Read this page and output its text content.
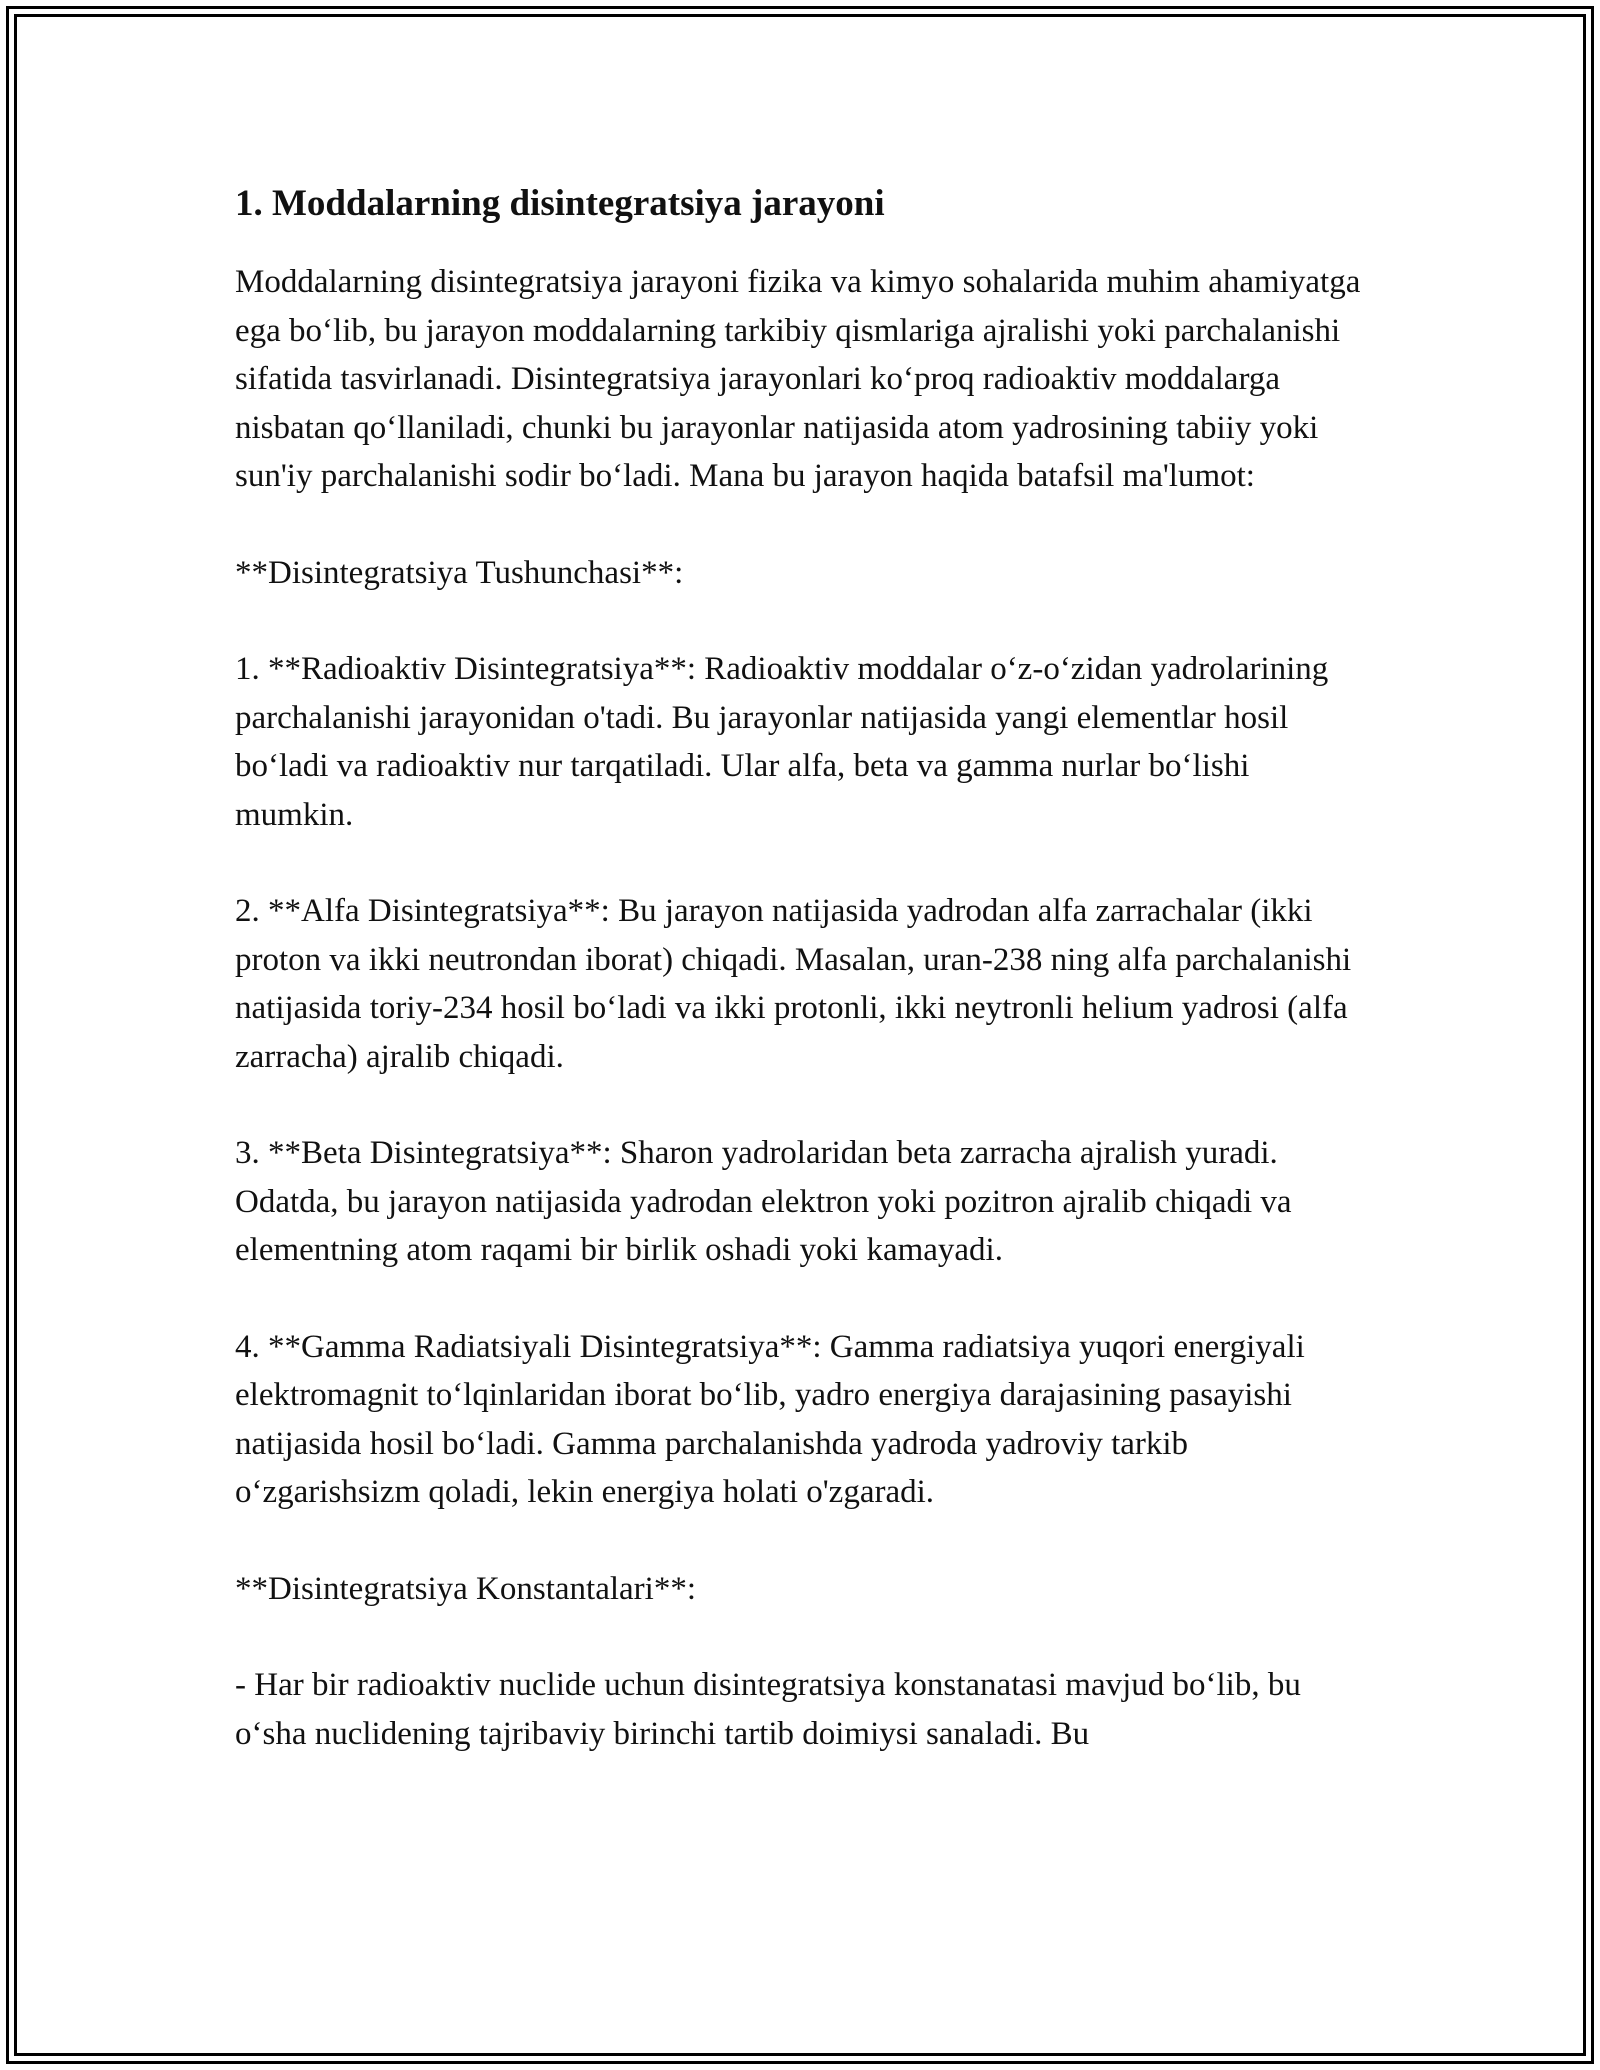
1. Moddalarning disintegratsiya jarayoni

Moddalarning disintegratsiya jarayoni fizika va kimyo sohalarida muhim ahamiyatga ega bo‘lib, bu jarayon moddalarning tarkibiy qismlariga ajralishi yoki parchalanishi sifatida tasvirlanadi. Disintegratsiya jarayonlari ko‘proq radioaktiv moddalarga nisbatan qo‘llaniladi, chunki bu jarayonlar natijasida atom yadrosining tabiiy yoki sun'iy parchalanishi sodir bo‘ladi. Mana bu jarayon haqida batafsil ma'lumot:

**Disintegratsiya Tushunchasi**:

1. **Radioaktiv Disintegratsiya**: Radioaktiv moddalar o‘z-o‘zidan yadrolarining parchalanishi jarayonidan o'tadi. Bu jarayonlar natijasida yangi elementlar hosil bo‘ladi va radioaktiv nur tarqatiladi. Ular alfa, beta va gamma nurlar bo‘lishi mumkin.

2. **Alfa Disintegratsiya**: Bu jarayon natijasida yadrodan alfa zarrachalar (ikki proton va ikki neutrondan iborat) chiqadi. Masalan, uran-238 ning alfa parchalanishi natijasida toriy-234 hosil bo‘ladi va ikki protonli, ikki neytronli helium yadrosi (alfa zarracha) ajralib chiqadi.

3. **Beta Disintegratsiya**: Sharon yadrolaridan beta zarracha ajralish yuradi. Odatda, bu jarayon natijasida yadrodan elektron yoki pozitron ajralib chiqadi va elementning atom raqami bir birlik oshadi yoki kamayadi.

4. **Gamma Radiatsiyali Disintegratsiya**: Gamma radiatsiya yuqori energiyali elektromagnit to‘lqinlaridan iborat bo‘lib, yadro energiya darajasining pasayishi natijasida hosil bo‘ladi. Gamma parchalanishda yadroda yadroviy tarkib o‘zgarishsizm qoladi, lekin energiya holati o'zgaradi.

**Disintegratsiya Konstantalari**:

- Har bir radioaktiv nuclide uchun disintegratsiya konstanatasi mavjud bo‘lib, bu o‘sha nuclidening tajribaviy birinchi tartib doimiysi sanaladi. Bu
